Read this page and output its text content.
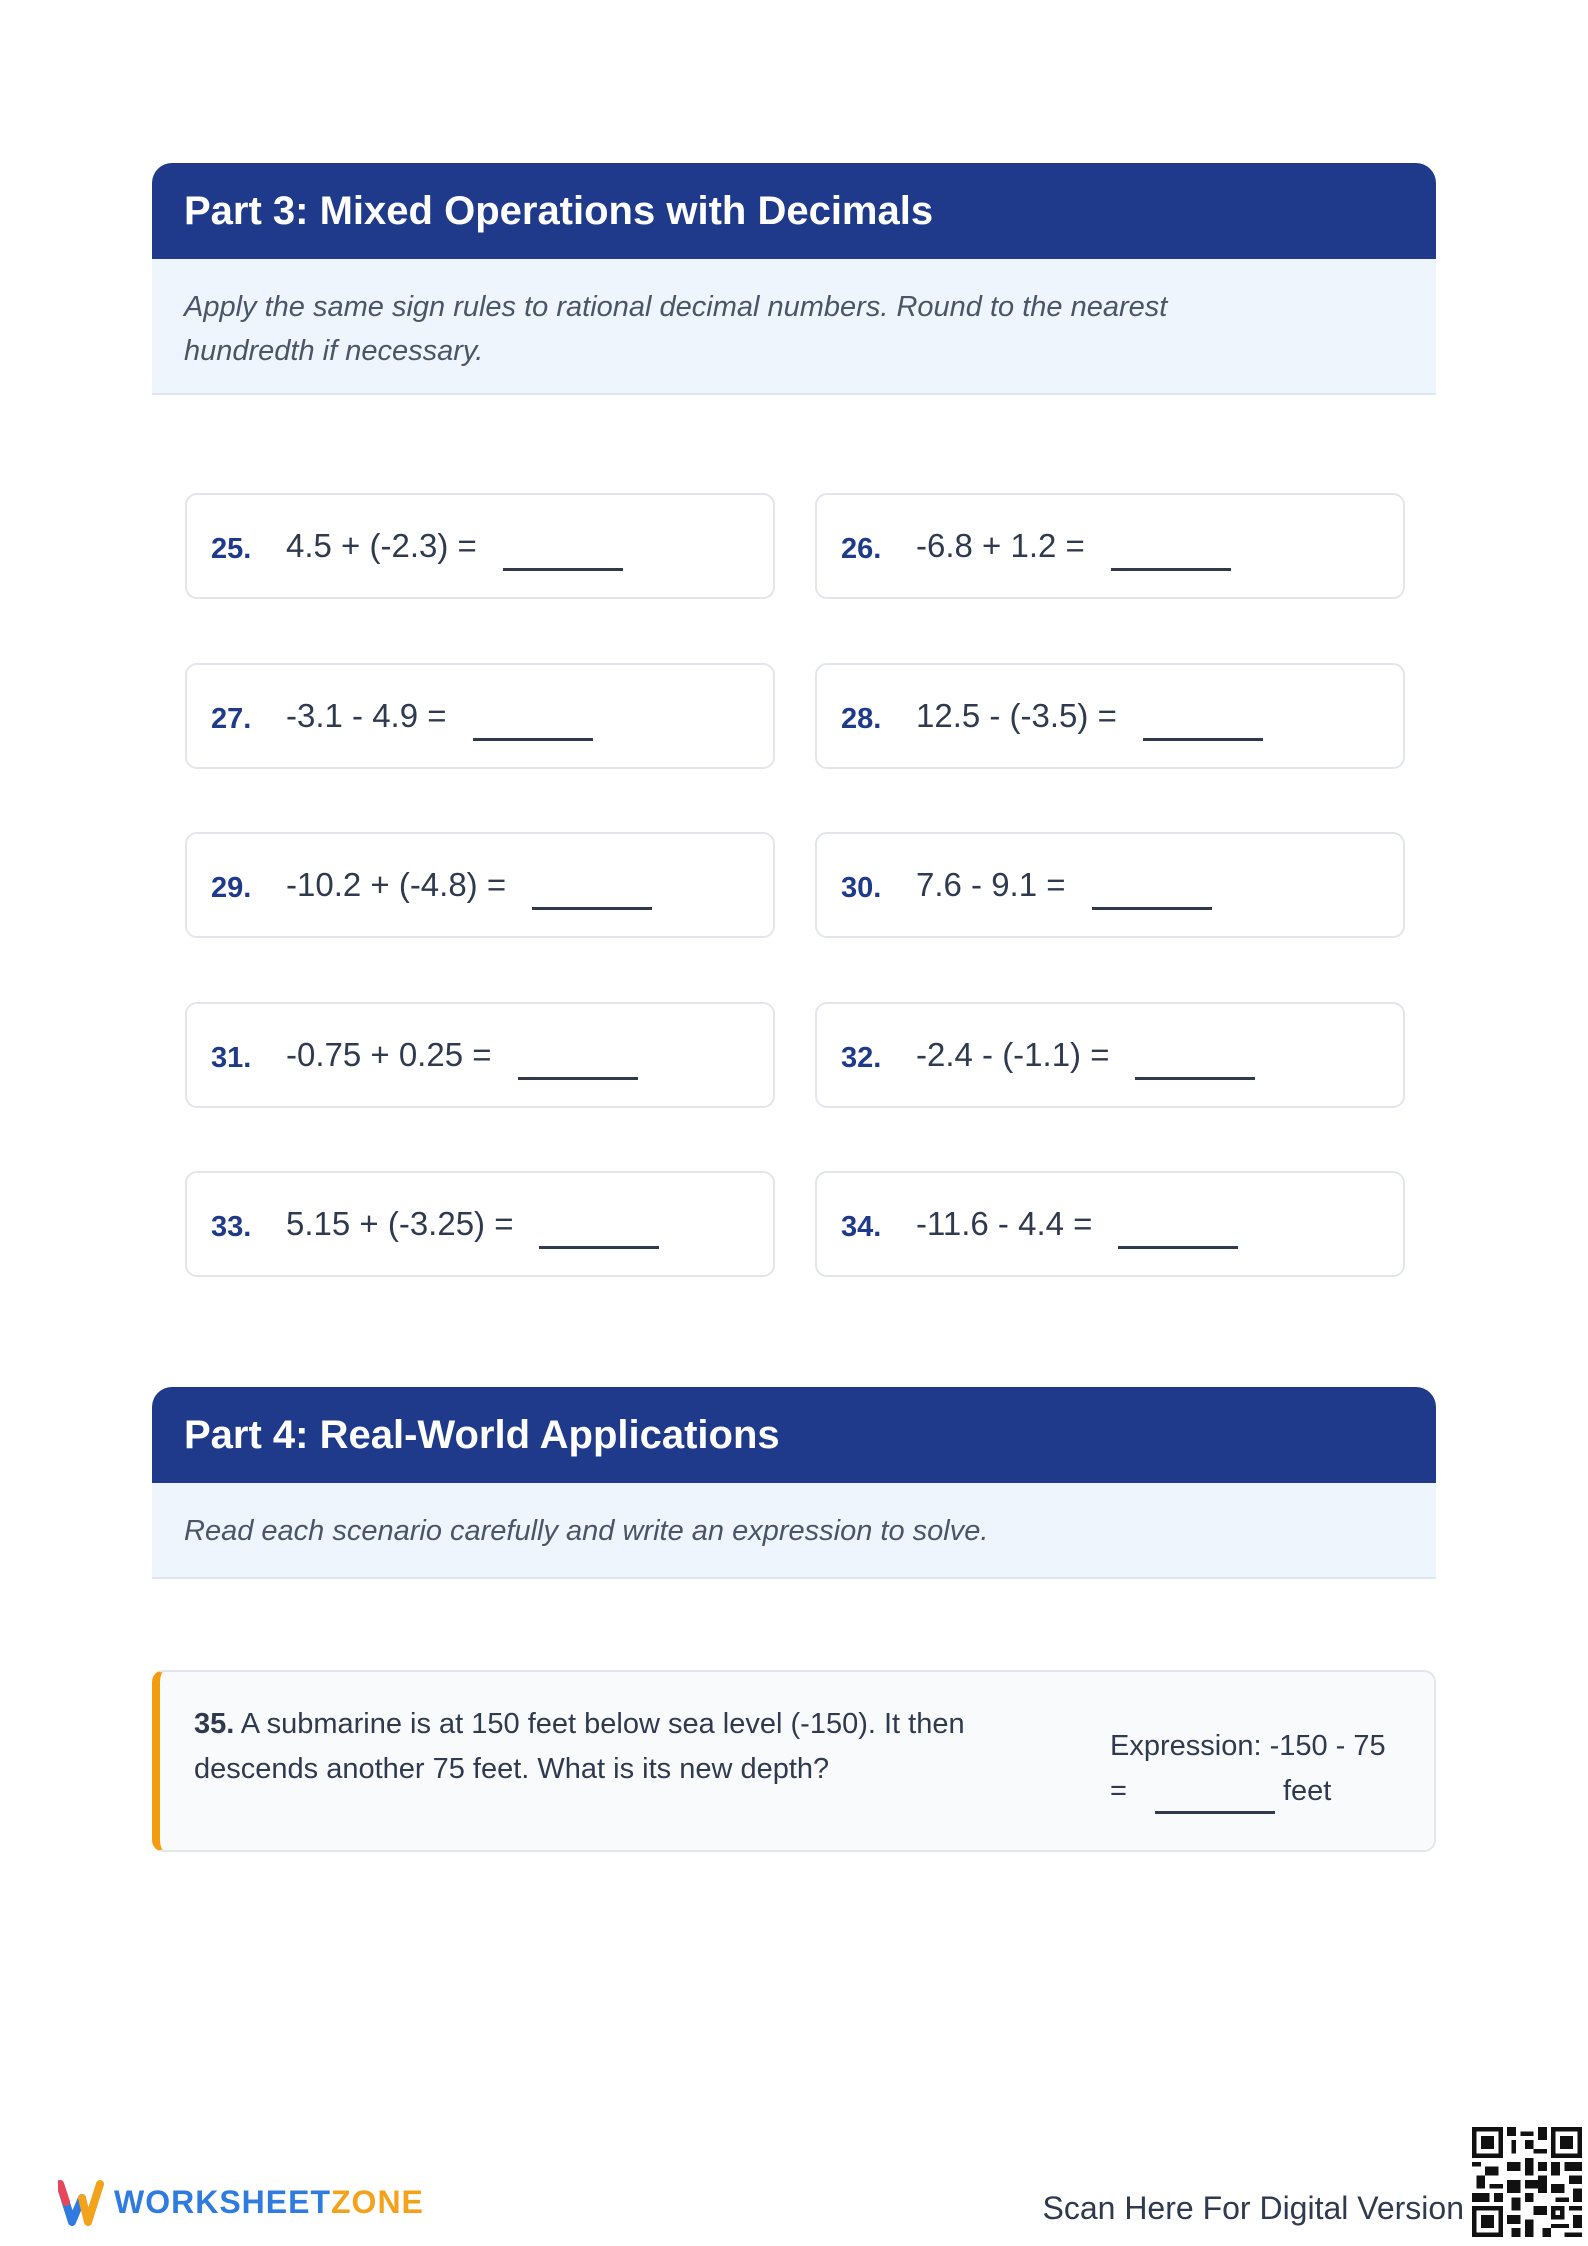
Part 3: Mixed Operations with Decimals
Apply the same sign rules to rational decimal numbers. Round to the nearest hundredth if necessary.
25.	4.5 + (-2.3) =	26.	-6.8 + 1.2 =
27.	-3.1 - 4.9 =	28.	12.5 - (-3.5) =
29.	-10.2 + (-4.8) =	30.	7.6 - 9.1 =
31.	-0.75 + 0.25 =	32.	-2.4 - (-1.1) =
33.	5.15 + (-3.25) =	34.	-11.6 - 4.4 =
Part 4: Real-World Applications
Read each scenario carefully and write an expression to solve.
35. A submarine is at 150 feet below sea level (-150). It then descends another 75 feet. What is its new depth?
Expression: -150 - 75
=	feet
WORKSHEETZONE	Scan Here For Digital Version
